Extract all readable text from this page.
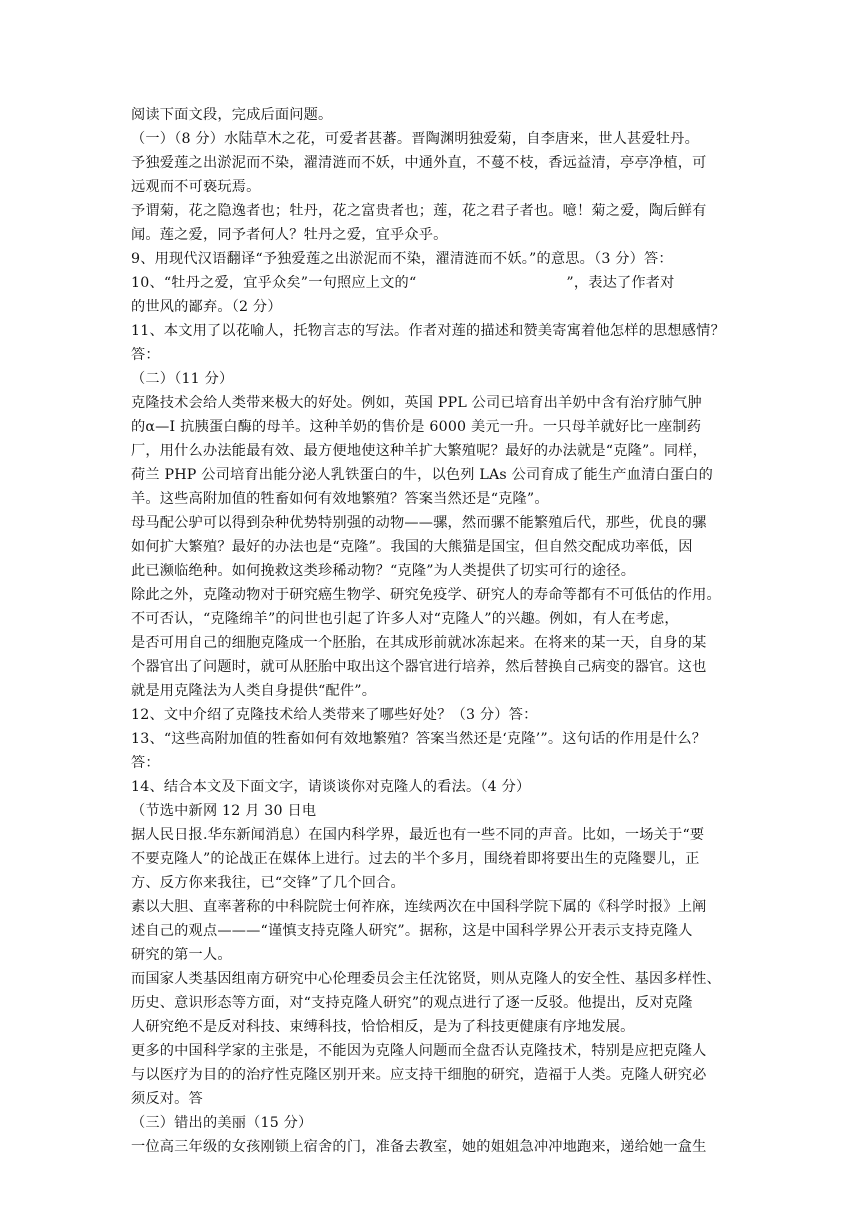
阅读下面文段，完成后面问题。
（一）（8 分）水陆草木之花，可爱者甚蕃。晋陶渊明独爱菊，自李唐来，世人甚爱牡丹。
予独爱莲之出淤泥而不染，濯清涟而不妖，中通外直，不蔓不枝，香远益清，亭亭净植，可
远观而不可亵玩焉。
予谓菊，花之隐逸者也；牡丹，花之富贵者也；莲，花之君子者也。噫！菊之爱，陶后鲜有
闻。莲之爱，同予者何人？牡丹之爱，宜乎众乎。
9、用现代汉语翻译“予独爱莲之出淤泥而不染，濯清涟而不妖。”的意思。（3 分）答：
10、“牡丹之爱，宜乎众矣”一句照应上文的“	”，表达了作者对
的世风的鄙弃。（2 分）
11、本文用了以花喻人，托物言志的写法。作者对莲的描述和赞美寄寓着他怎样的思想感情？
答：
（二）（11 分）
克隆技术会给人类带来极大的好处。例如，英国 PPL 公司已培育出羊奶中含有治疗肺气肿
的α—I 抗胰蛋白酶的母羊。这种羊奶的售价是 6000 美元一升。一只母羊就好比一座制药
厂，用什么办法能最有效、最方便地使这种羊扩大繁殖呢？最好的办法就是“克隆”。同样，
荷兰 PHP 公司培育出能分泌人乳铁蛋白的牛，以色列 LAs 公司育成了能生产血清白蛋白的
羊。这些高附加值的牲畜如何有效地繁殖？答案当然还是“克隆”。
母马配公驴可以得到杂种优势特别强的动物——骡，然而骡不能繁殖后代，那些，优良的骡
如何扩大繁殖？最好的办法也是“克隆”。我国的大熊猫是国宝，但自然交配成功率低，因
此已濒临绝种。如何挽救这类珍稀动物？“克隆”为人类提供了切实可行的途径。
除此之外，克隆动物对于研究癌生物学、研究免疫学、研究人的寿命等都有不可低估的作用。
不可否认，“克隆绵羊”的问世也引起了许多人对“克隆人”的兴趣。例如，有人在考虑，
是否可用自己的细胞克隆成一个胚胎，在其成形前就冰冻起来。在将来的某一天，自身的某
个器官出了问题时，就可从胚胎中取出这个器官进行培养，然后替换自己病变的器官。这也
就是用克隆法为人类自身提供“配件”。
12、文中介绍了克隆技术给人类带来了哪些好处？（3 分）答：
13、“这些高附加值的牲畜如何有效地繁殖？答案当然还是‘克隆’”。这句话的作用是什么？
答：
14、结合本文及下面文字，请谈谈你对克隆人的看法。（4 分）
（节选中新网 12 月 30 日电
据人民日报.华东新闻消息）在国内科学界，最近也有一些不同的声音。比如，一场关于“要
不要克隆人”的论战正在媒体上进行。过去的半个多月，围绕着即将要出生的克隆婴儿，正
方、反方你来我往，已“交锋”了几个回合。
素以大胆、直率著称的中科院院士何祚庥，连续两次在中国科学院下属的《科学时报》上阐
述自己的观点———“谨慎支持克隆人研究”。据称，这是中国科学界公开表示支持克隆人
研究的第一人。
而国家人类基因组南方研究中心伦理委员会主任沈铭贤，则从克隆人的安全性、基因多样性、
历史、意识形态等方面，对“支持克隆人研究”的观点进行了逐一反驳。他提出，反对克隆
人研究绝不是反对科技、束缚科技，恰恰相反，是为了科技更健康有序地发展。
更多的中国科学家的主张是，不能因为克隆人问题而全盘否认克隆技术，特别是应把克隆人
与以医疗为目的的治疗性克隆区别开来。应支持干细胞的研究，造福于人类。克隆人研究必
须反对。答
（三）错出的美丽（15 分）
一位高三年级的女孩刚锁上宿舍的门，准备去教室，她的姐姐急冲冲地跑来，递给她一盒生
